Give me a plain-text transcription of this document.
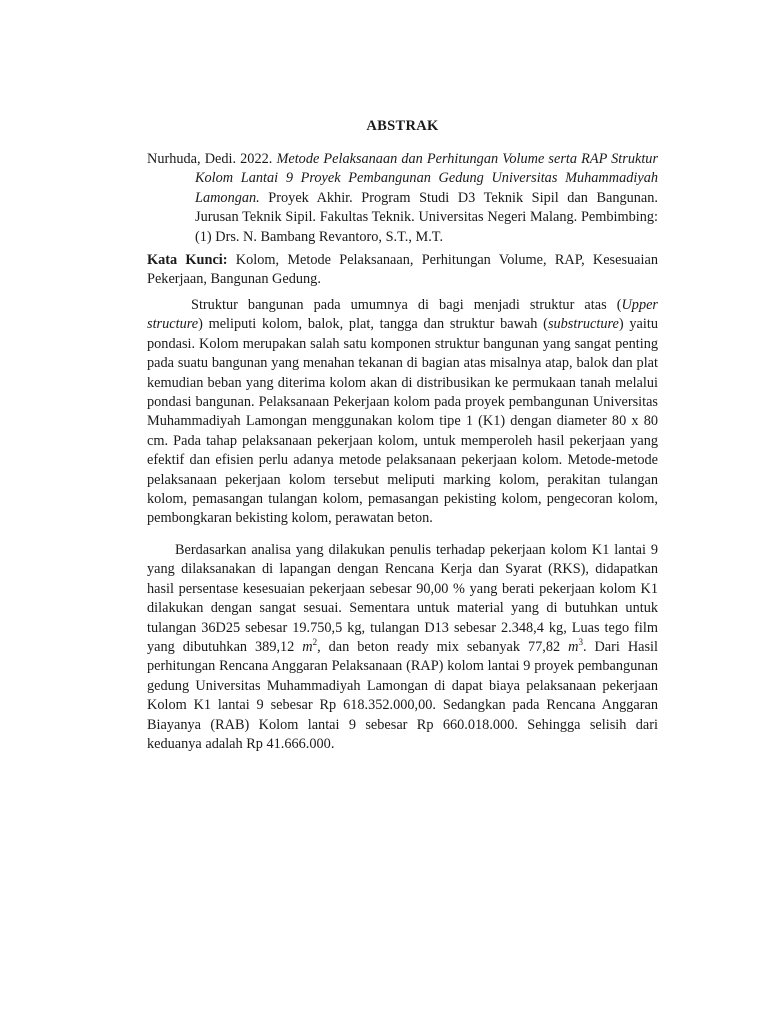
ABSTRAK

Nurhuda, Dedi. 2022. Metode Pelaksanaan dan Perhitungan Volume serta RAP Struktur Kolom Lantai 9 Proyek Pembangunan Gedung Universitas Muhammadiyah Lamongan. Proyek Akhir. Program Studi D3 Teknik Sipil dan Bangunan. Jurusan Teknik Sipil. Fakultas Teknik. Universitas Negeri Malang. Pembimbing: (1) Drs. N. Bambang Revantoro, S.T., M.T.

Kata Kunci: Kolom, Metode Pelaksanaan, Perhitungan Volume, RAP, Kesesuaian Pekerjaan, Bangunan Gedung.

Struktur bangunan pada umumnya di bagi menjadi struktur atas (Upper structure) meliputi kolom, balok, plat, tangga dan struktur bawah (substructure) yaitu pondasi. Kolom merupakan salah satu komponen struktur bangunan yang sangat penting pada suatu bangunan yang menahan tekanan di bagian atas misalnya atap, balok dan plat kemudian beban yang diterima kolom akan di distribusikan ke permukaan tanah melalui pondasi bangunan. Pelaksanaan Pekerjaan kolom pada proyek pembangunan Universitas Muhammadiyah Lamongan menggunakan kolom tipe 1 (K1) dengan diameter 80 x 80 cm. Pada tahap pelaksanaan pekerjaan kolom, untuk memperoleh hasil pekerjaan yang efektif dan efisien perlu adanya metode pelaksanaan pekerjaan kolom. Metode-metode pelaksanaan pekerjaan kolom tersebut meliputi marking kolom, perakitan tulangan kolom, pemasangan tulangan kolom, pemasangan pekisting kolom, pengecoran kolom, pembongkaran bekisting kolom, perawatan beton.

Berdasarkan analisa yang dilakukan penulis terhadap pekerjaan kolom K1 lantai 9 yang dilaksanakan di lapangan dengan Rencana Kerja dan Syarat (RKS), didapatkan hasil persentase kesesuaian pekerjaan sebesar 90,00 % yang berati pekerjaan kolom K1 dilakukan dengan sangat sesuai. Sementara untuk material yang di butuhkan untuk tulangan 36D25 sebesar 19.750,5 kg, tulangan D13 sebesar 2.348,4 kg, Luas tego film yang dibutuhkan 389,12 $m^2$, dan beton ready mix sebanyak 77,82 $m^3$. Dari Hasil perhitungan Rencana Anggaran Pelaksanaan (RAP) kolom lantai 9 proyek pembangunan gedung Universitas Muhammadiyah Lamongan di dapat biaya pelaksanaan pekerjaan Kolom K1 lantai 9 sebesar Rp 618.352.000,00. Sedangkan pada Rencana Anggaran Biayanya (RAB) Kolom lantai 9 sebesar Rp 660.018.000. Sehingga selisih dari keduanya adalah Rp 41.666.000.
